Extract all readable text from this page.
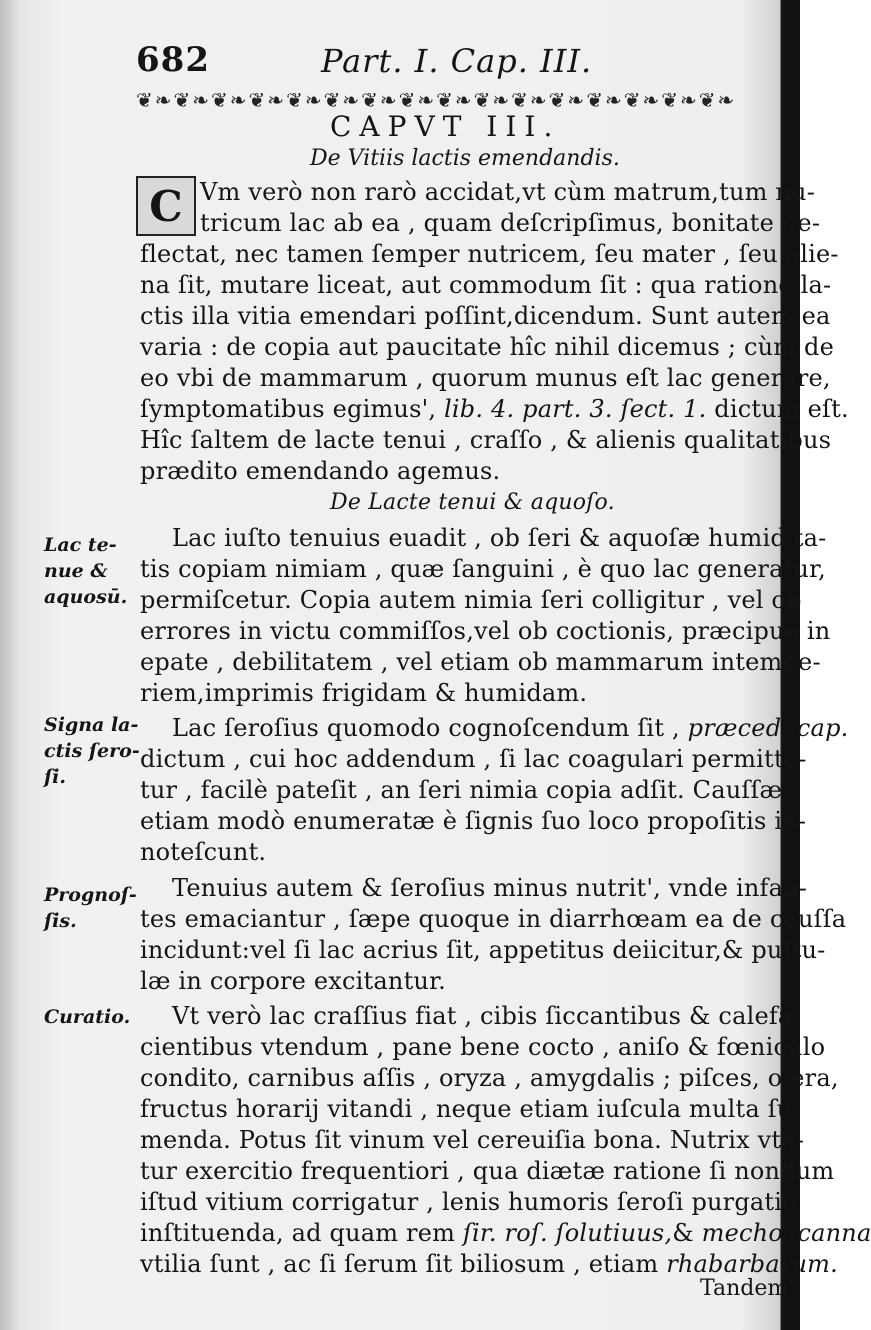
682	Part. I. Cap. III.
❦❧❦❧❦❧❦❧❦❧❦❧❦❧❦❧❦❧❦❧❦❧❦❧❦❧❦❧❦❧❦❧
CAPVT III.
De Vitiis lactis emendandis.
C Vm verò non rarò accidat,vt cùm matrum,tum nu-
tricum lac ab ea , quam deſcripſimus, bonitate de-
flectat, nec tamen ſemper nutricem, ſeu mater , ſeu alie-
na ſit, mutare liceat, aut commodum ſit : qua ratione la-
ctis illa vitia emendari poſſint,dicendum. Sunt autem ea
varia : de copia aut paucitate hîc nihil dicemus ; cùm de
eo vbi de mammarum , quorum munus eſt lac generare,
ſymptomatibus egimus', lib. 4. part. 3. ſect. 1. dictum eſt.
Hîc ſaltem de lacte tenui , craſſo , & alienis qualitatibus
prædito emendando agemus.
De Lacte tenui & aquoſo.
Lac iuſto tenuius euadit , ob ſeri & aquoſæ humidita-
tis copiam nimiam , quæ ſanguini , è quo lac generatur,
permiſcetur. Copia autem nimia ſeri colligitur , vel ob
errores in victu commiſſos,vel ob coctionis, præcipuè in
epate , debilitatem , vel etiam ob mammarum intempe-
riem,imprimis frigidam & humidam.
Lac ſeroſius quomodo cognoſcendum ſit , præced. cap.
dictum , cui hoc addendum , ſi lac coagulari permitta-
tur , facilè pateſit , an ſeri nimia copia adſit. Cauſſæ
etiam modò enumeratæ è ſignis ſuo loco propoſitis in-
noteſcunt.
Tenuius autem & ſeroſius minus nutrit', vnde infan-
tes emaciantur , ſæpe quoque in diarrhœam ea de cauſſa
incidunt:vel ſi lac acrius ſit, appetitus deiicitur,& puſtu-
læ in corpore excitantur.
Vt verò lac craſſius fiat , cibis ſiccantibus & calefa-
cientibus vtendum , pane bene cocto , aniſo & fœniculo
condito, carnibus aſſis , oryza , amygdalis ; piſces, olera,
fructus horarij vitandi , neque etiam iuſcula multa ſu-
menda. Potus ſit vinum vel cereuiſia bona. Nutrix vta-
tur exercitio frequentiori , qua diætæ ratione ſi nondum
iſtud vitium corrigatur , lenis humoris ſeroſi purgatio
inſtituenda, ad quam rem ſir. roſ. ſolutiuus,& mechoacanna
vtilia ſunt , ac ſi ſerum ſit biliosum , etiam rhabarbarum.
Lac te-
nue &
aquosū.
Signa la-
ctis ſero-
ſi.
Prognoſ-
ſis.
Curatio.
Tandem
